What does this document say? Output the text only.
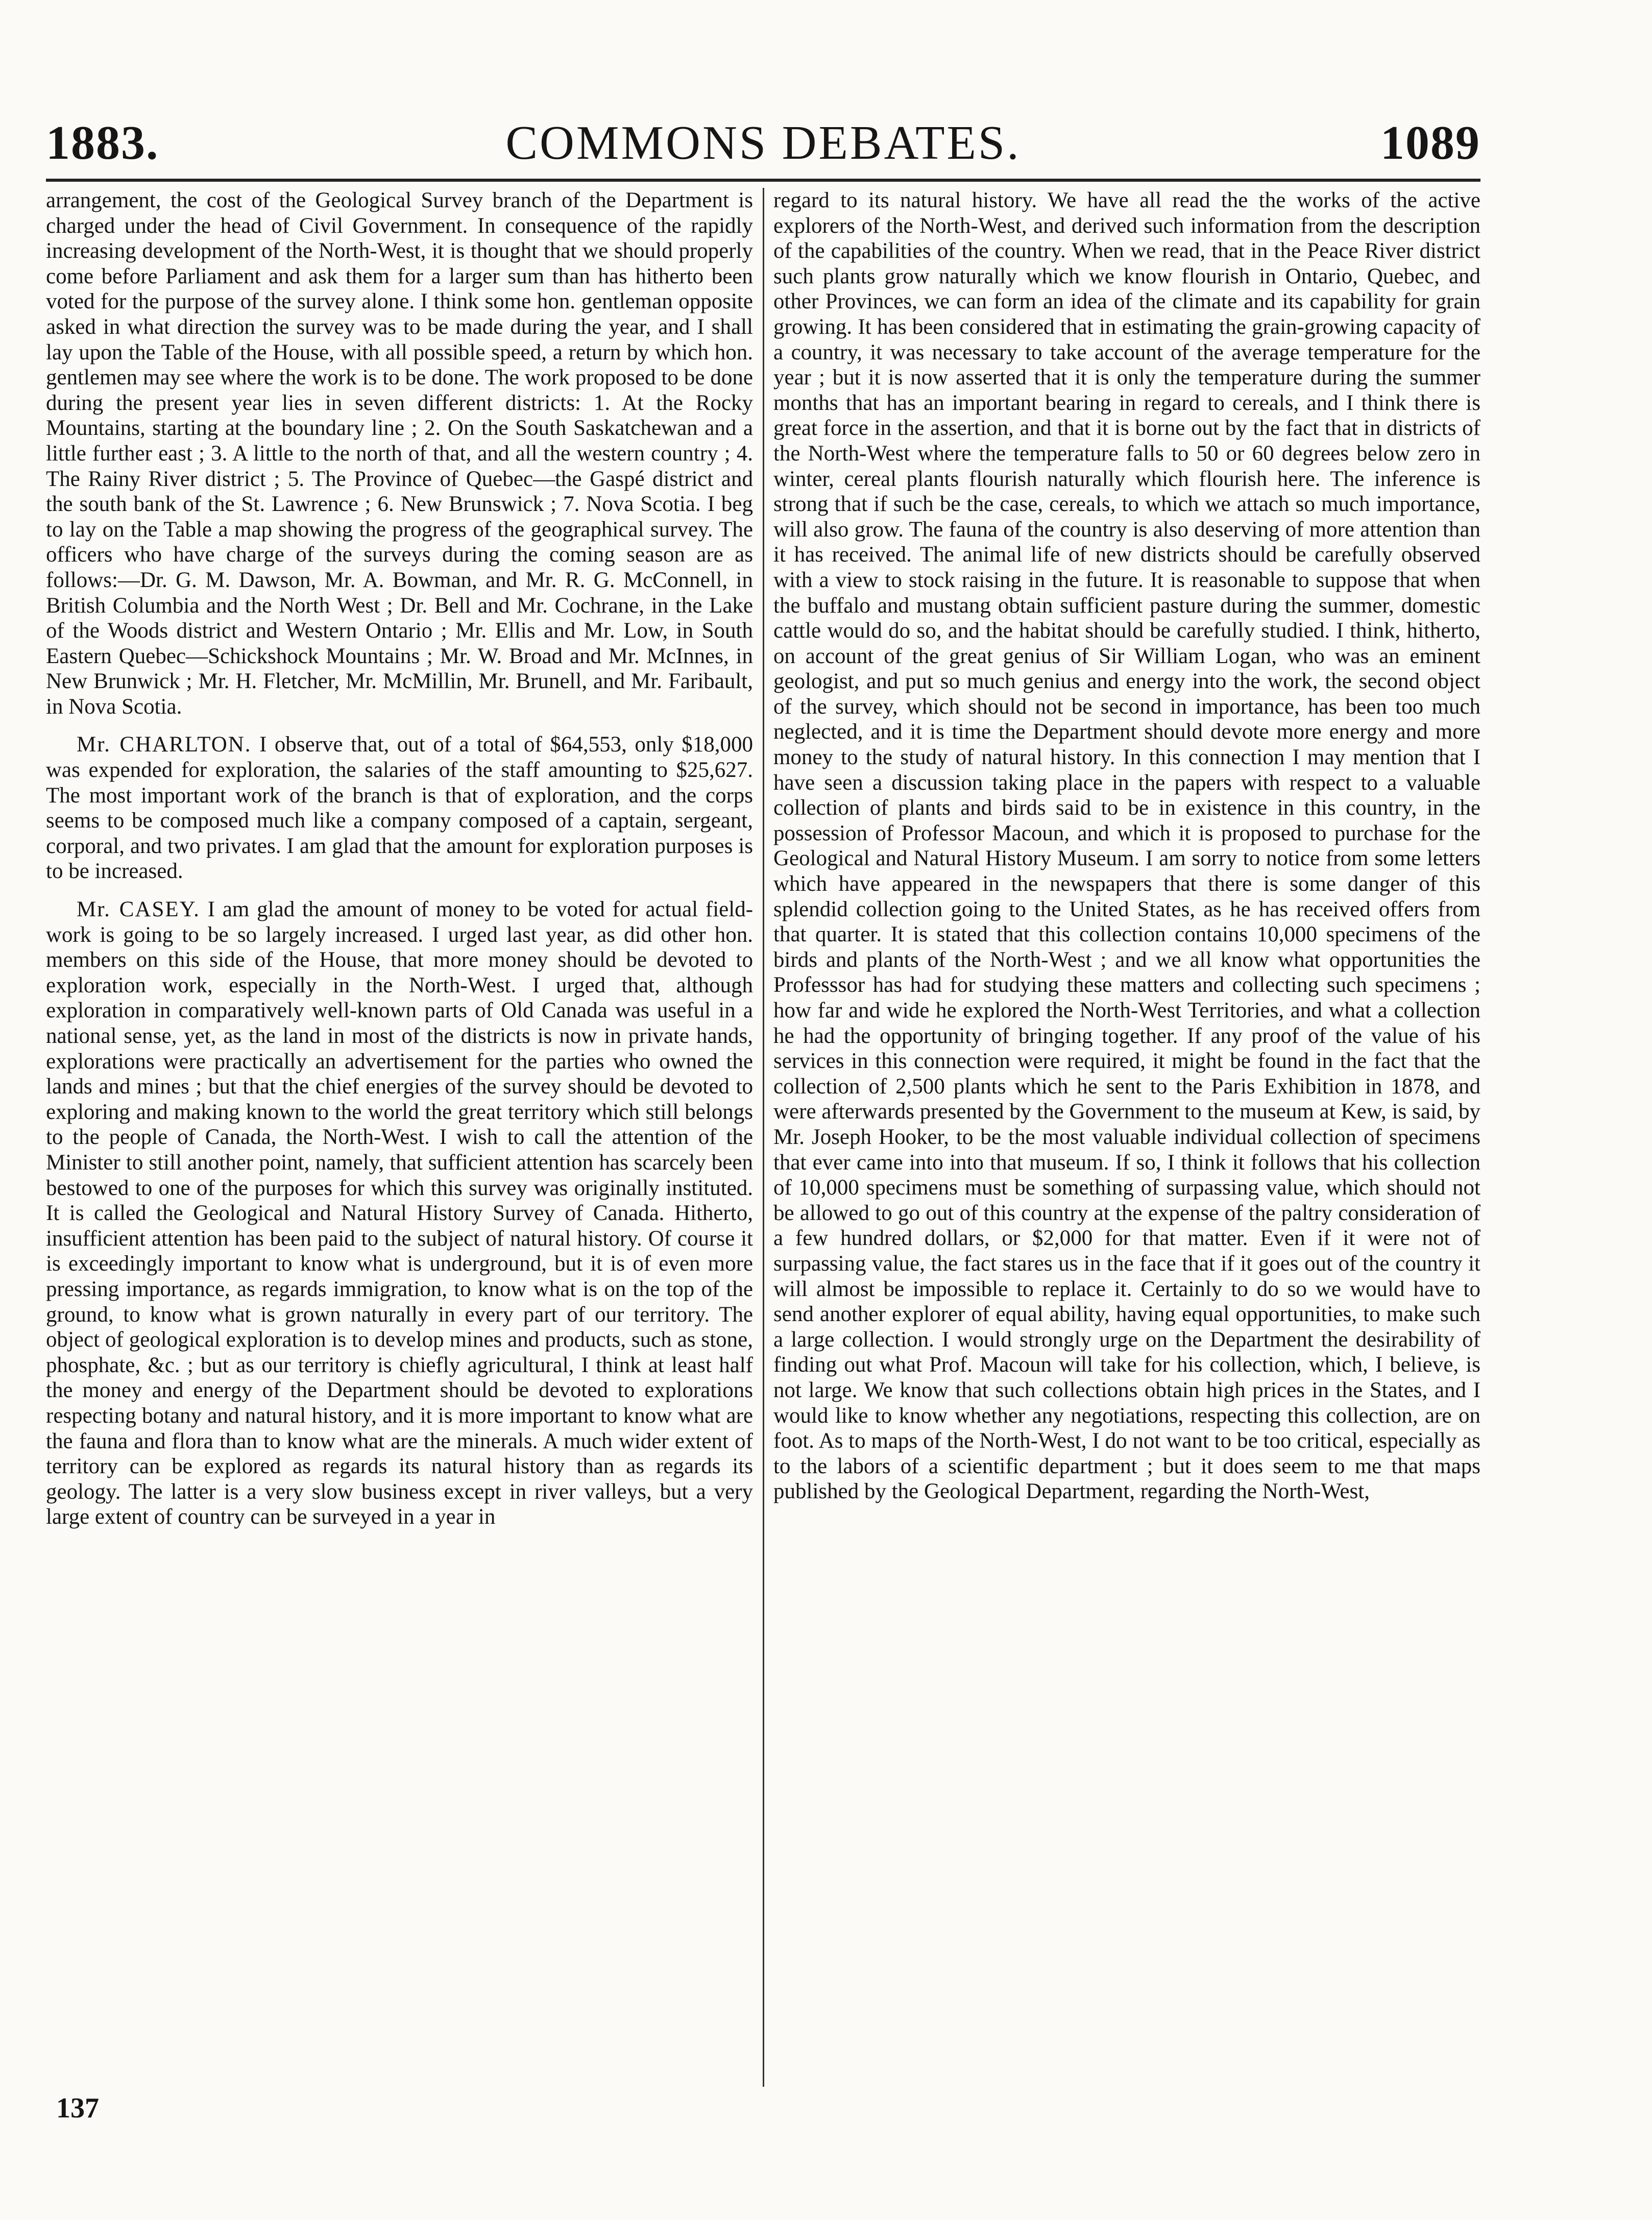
1883.	COMMONS DEBATES.	1089

arrangement, the cost of the Geological Survey branch of the Department is charged under the head of Civil Government. In consequence of the rapidly increasing development of the North-West, it is thought that we should properly come before Parliament and ask them for a larger sum than has hitherto been voted for the purpose of the survey alone. I think some hon. gentleman opposite asked in what direction the survey was to be made during the year, and I shall lay upon the Table of the House, with all possible speed, a return by which hon. gentlemen may see where the work is to be done. The work proposed to be done during the present year lies in seven different districts: 1. At the Rocky Mountains, starting at the boundary line ; 2. On the South Saskatchewan and a little further east ; 3. A little to the north of that, and all the western country ; 4. The Rainy River district ; 5. The Province of Quebec—the Gaspé district and the south bank of the St. Lawrence ; 6. New Brunswick ; 7. Nova Scotia. I beg to lay on the Table a map showing the progress of the geographical survey. The officers who have charge of the surveys during the coming season are as follows:—Dr. G. M. Dawson, Mr. A. Bowman, and Mr. R. G. McConnell, in British Columbia and the North West ; Dr. Bell and Mr. Cochrane, in the Lake of the Woods district and Western Ontario ; Mr. Ellis and Mr. Low, in South Eastern Quebec—Schickshock Mountains ; Mr. W. Broad and Mr. McInnes, in New Brunwick ; Mr. H. Fletcher, Mr. McMillin, Mr. Brunell, and Mr. Faribault, in Nova Scotia.

Mr. CHARLTON. I observe that, out of a total of $64,553, only $18,000 was expended for exploration, the salaries of the staff amounting to $25,627. The most important work of the branch is that of exploration, and the corps seems to be composed much like a company composed of a captain, sergeant, corporal, and two privates. I am glad that the amount for exploration purposes is to be increased.

Mr. CASEY. I am glad the amount of money to be voted for actual field-work is going to be so largely increased. I urged last year, as did other hon. members on this side of the House, that more money should be devoted to exploration work, especially in the North-West. I urged that, although exploration in comparatively well-known parts of Old Canada was useful in a national sense, yet, as the land in most of the districts is now in private hands, explorations were practically an advertisement for the parties who owned the lands and mines ; but that the chief energies of the survey should be devoted to exploring and making known to the world the great territory which still belongs to the people of Canada, the North-West. I wish to call the attention of the Minister to still another point, namely, that sufficient attention has scarcely been bestowed to one of the purposes for which this survey was originally instituted. It is called the Geological and Natural History Survey of Canada. Hitherto, insufficient attention has been paid to the subject of natural history. Of course it is exceedingly important to know what is underground, but it is of even more pressing importance, as regards immigration, to know what is on the top of the ground, to know what is grown naturally in every part of our territory. The object of geological exploration is to develop mines and products, such as stone, phosphate, &c. ; but as our territory is chiefly agricultural, I think at least half the money and energy of the Department should be devoted to explorations respecting botany and natural history, and it is more important to know what are the fauna and flora than to know what are the minerals. A much wider extent of territory can be explored as regards its natural history than as regards its geology. The latter is a very slow business except in river valleys, but a very large extent of country can be surveyed in a year in

regard to its natural history. We have all read the the works of the active explorers of the North-West, and derived such information from the description of the capabilities of the country. When we read, that in the Peace River district such plants grow naturally which we know flourish in Ontario, Quebec, and other Provinces, we can form an idea of the climate and its capability for grain growing. It has been considered that in estimating the grain-growing capacity of a country, it was necessary to take account of the average temperature for the year ; but it is now asserted that it is only the temperature during the summer months that has an important bearing in regard to cereals, and I think there is great force in the assertion, and that it is borne out by the fact that in districts of the North-West where the temperature falls to 50 or 60 degrees below zero in winter, cereal plants flourish naturally which flourish here. The inference is strong that if such be the case, cereals, to which we attach so much importance, will also grow. The fauna of the country is also deserving of more attention than it has received. The animal life of new districts should be carefully observed with a view to stock raising in the future. It is reasonable to suppose that when the buffalo and mustang obtain sufficient pasture during the summer, domestic cattle would do so, and the habitat should be carefully studied. I think, hitherto, on account of the great genius of Sir William Logan, who was an eminent geologist, and put so much genius and energy into the work, the second object of the survey, which should not be second in importance, has been too much neglected, and it is time the Department should devote more energy and more money to the study of natural history. In this connection I may mention that I have seen a discussion taking place in the papers with respect to a valuable collection of plants and birds said to be in existence in this country, in the possession of Professor Macoun, and which it is proposed to purchase for the Geological and Natural History Museum. I am sorry to notice from some letters which have appeared in the newspapers that there is some danger of this splendid collection going to the United States, as he has received offers from that quarter. It is stated that this collection contains 10,000 specimens of the birds and plants of the North-West ; and we all know what opportunities the Professsor has had for studying these matters and collecting such specimens ; how far and wide he explored the North-West Territories, and what a collection he had the opportunity of bringing together. If any proof of the value of his services in this connection were required, it might be found in the fact that the collection of 2,500 plants which he sent to the Paris Exhibition in 1878, and were afterwards presented by the Government to the museum at Kew, is said, by Mr. Joseph Hooker, to be the most valuable individual collection of specimens that ever came into into that museum. If so, I think it follows that his collection of 10,000 specimens must be something of surpassing value, which should not be allowed to go out of this country at the expense of the paltry consideration of a few hundred dollars, or $2,000 for that matter. Even if it were not of surpassing value, the fact stares us in the face that if it goes out of the country it will almost be impossible to replace it. Certainly to do so we would have to send another explorer of equal ability, having equal opportunities, to make such a large collection. I would strongly urge on the Department the desirability of finding out what Prof. Macoun will take for his collection, which, I believe, is not large. We know that such collections obtain high prices in the States, and I would like to know whether any negotiations, respecting this collection, are on foot. As to maps of the North-West, I do not want to be too critical, especially as to the labors of a scientific department ; but it does seem to me that maps published by the Geological Department, regarding the North-West,

137
